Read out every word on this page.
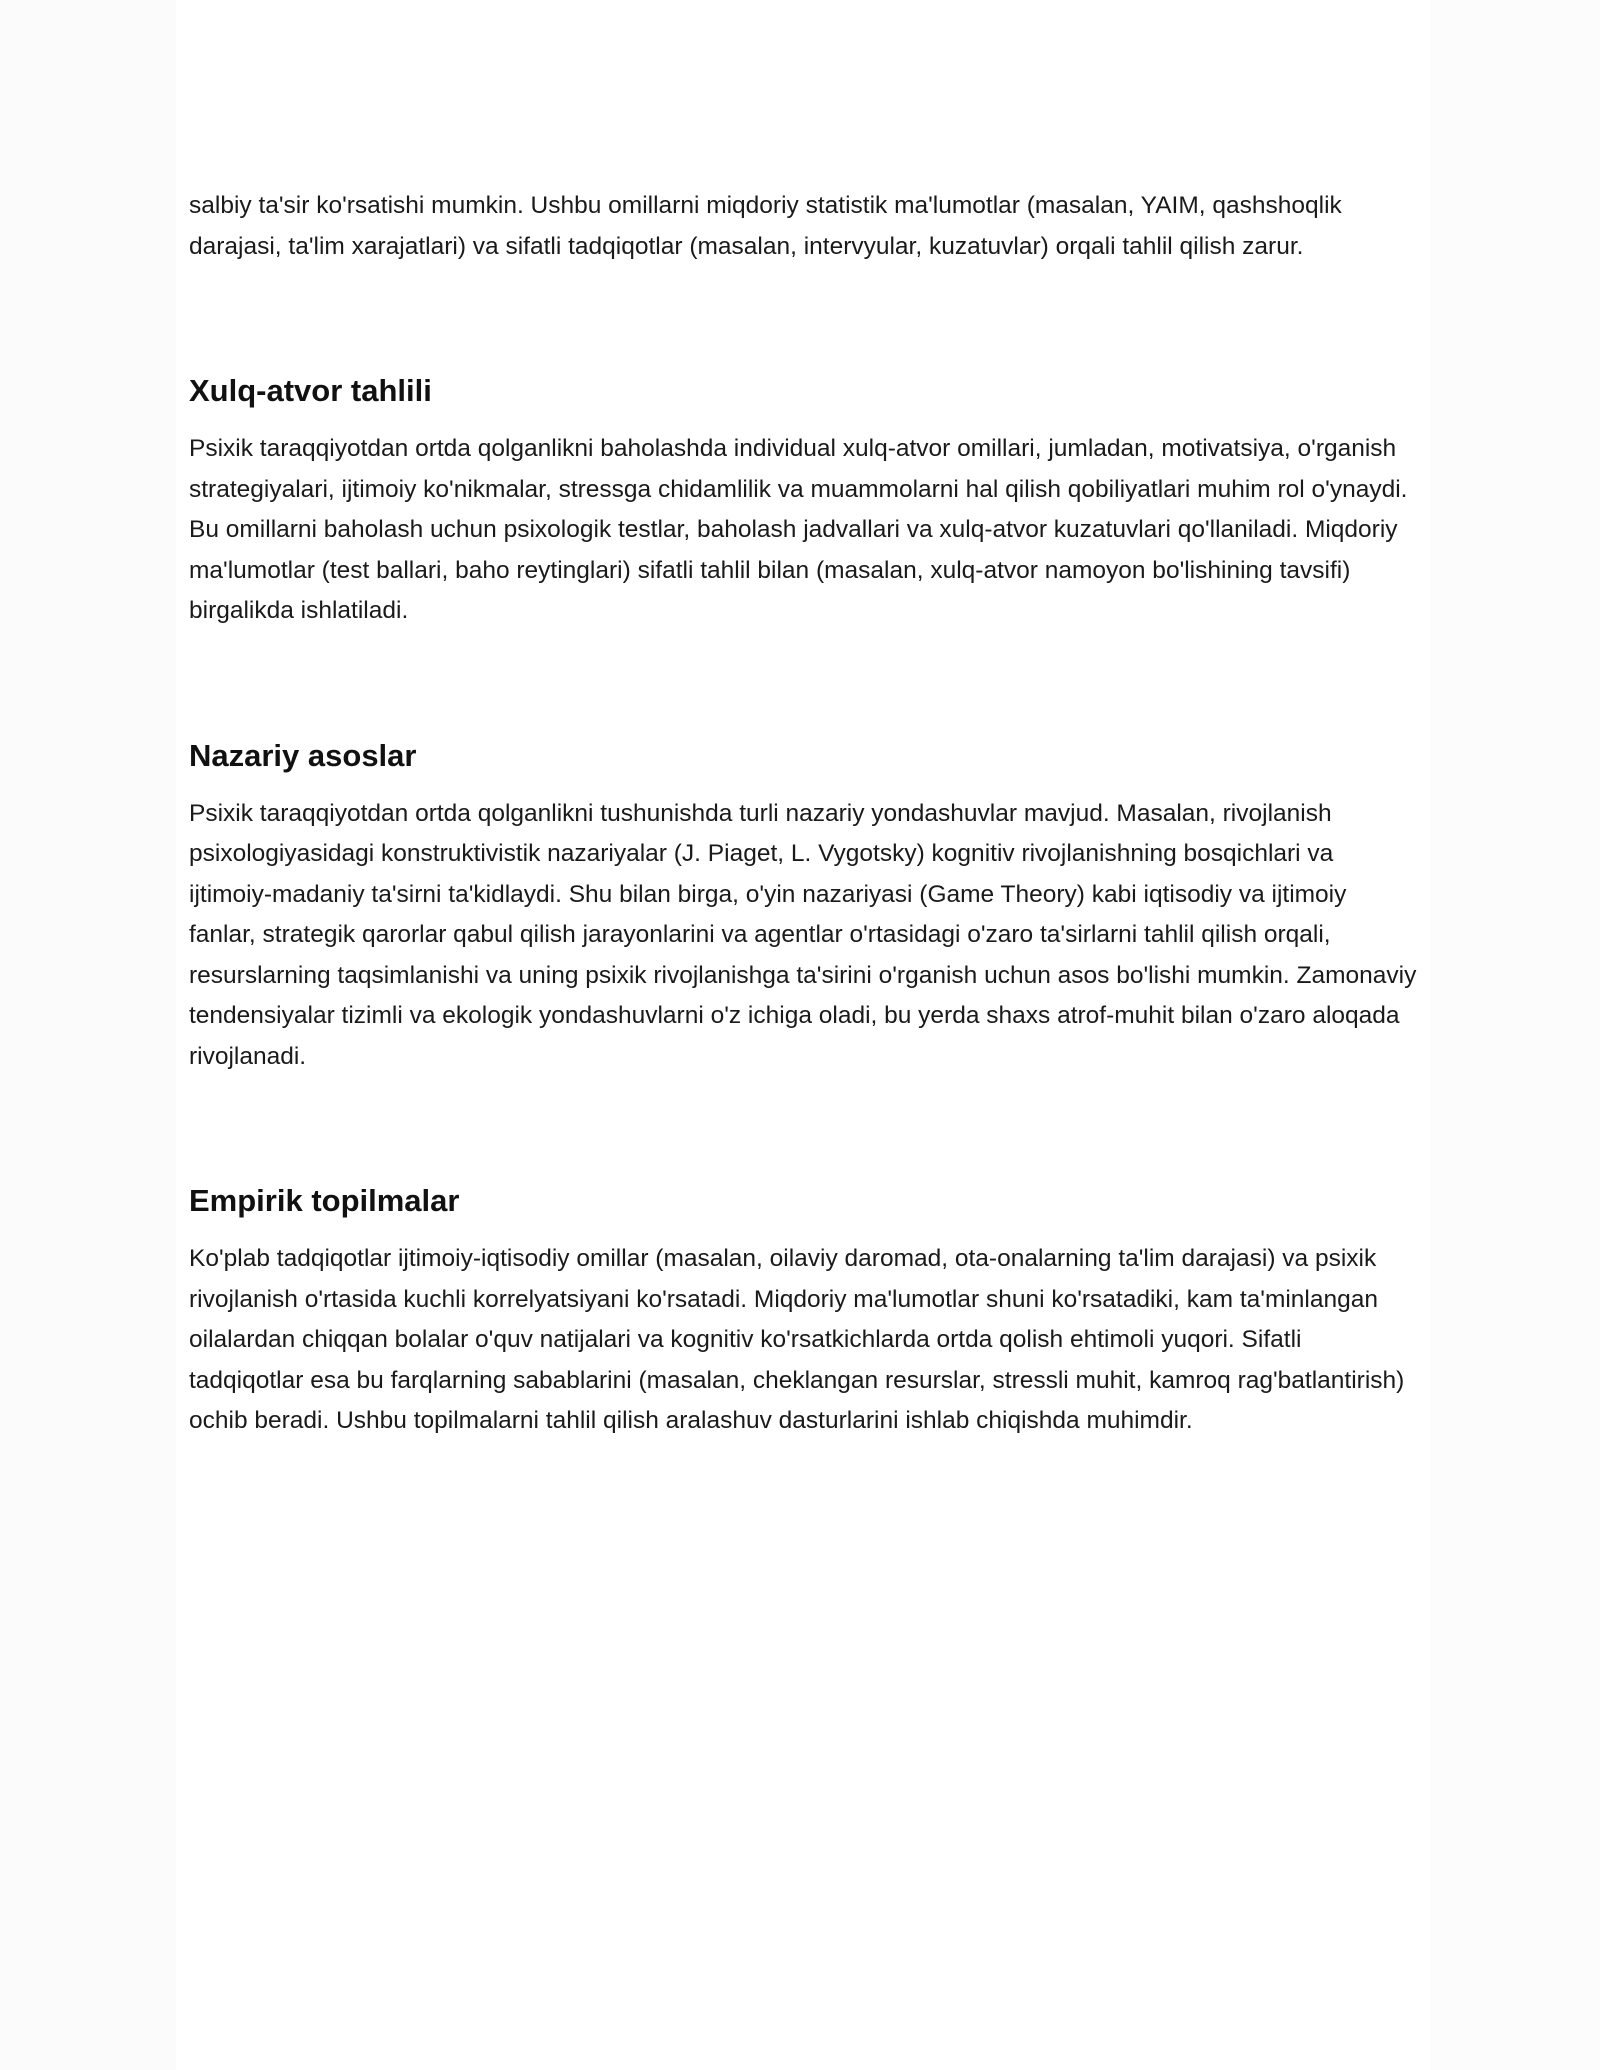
salbiy ta'sir ko'rsatishi mumkin. Ushbu omillarni miqdoriy statistik ma'lumotlar (masalan, YAIM, qashshoqlik darajasi, ta'lim xarajatlari) va sifatli tadqiqotlar (masalan, intervyular, kuzatuvlar) orqali tahlil qilish zarur.

Xulq-atvor tahlili

Psixik taraqqiyotdan ortda qolganlikni baholashda individual xulq-atvor omillari, jumladan, motivatsiya, o'rganish strategiyalari, ijtimoiy ko'nikmalar, stressga chidamlilik va muammolarni hal qilish qobiliyatlari muhim rol o'ynaydi. Bu omillarni baholash uchun psixologik testlar, baholash jadvallari va xulq-atvor kuzatuvlari qo'llaniladi. Miqdoriy ma'lumotlar (test ballari, baho reytinglari) sifatli tahlil bilan (masalan, xulq-atvor namoyon bo'lishining tavsifi) birgalikda ishlatiladi.

Nazariy asoslar

Psixik taraqqiyotdan ortda qolganlikni tushunishda turli nazariy yondashuvlar mavjud. Masalan, rivojlanish psixologiyasidagi konstruktivistik nazariyalar (J. Piaget, L. Vygotsky) kognitiv rivojlanishning bosqichlari va ijtimoiy-madaniy ta'sirni ta'kidlaydi. Shu bilan birga, o'yin nazariyasi (Game Theory) kabi iqtisodiy va ijtimoiy fanlar, strategik qarorlar qabul qilish jarayonlarini va agentlar o'rtasidagi o'zaro ta'sirlarni tahlil qilish orqali, resurslarning taqsimlanishi va uning psixik rivojlanishga ta'sirini o'rganish uchun asos bo'lishi mumkin. Zamonaviy tendensiyalar tizimli va ekologik yondashuvlarni o'z ichiga oladi, bu yerda shaxs atrof-muhit bilan o'zaro aloqada rivojlanadi.

Empirik topilmalar

Ko'plab tadqiqotlar ijtimoiy-iqtisodiy omillar (masalan, oilaviy daromad, ota-onalarning ta'lim darajasi) va psixik rivojlanish o'rtasida kuchli korrelyatsiyani ko'rsatadi. Miqdoriy ma'lumotlar shuni ko'rsatadiki, kam ta'minlangan oilalardan chiqqan bolalar o'quv natijalari va kognitiv ko'rsatkichlarda ortda qolish ehtimoli yuqori. Sifatli tadqiqotlar esa bu farqlarning sabablarini (masalan, cheklangan resurslar, stressli muhit, kamroq rag'batlantirish) ochib beradi. Ushbu topilmalarni tahlil qilish aralashuv dasturlarini ishlab chiqishda muhimdir.
